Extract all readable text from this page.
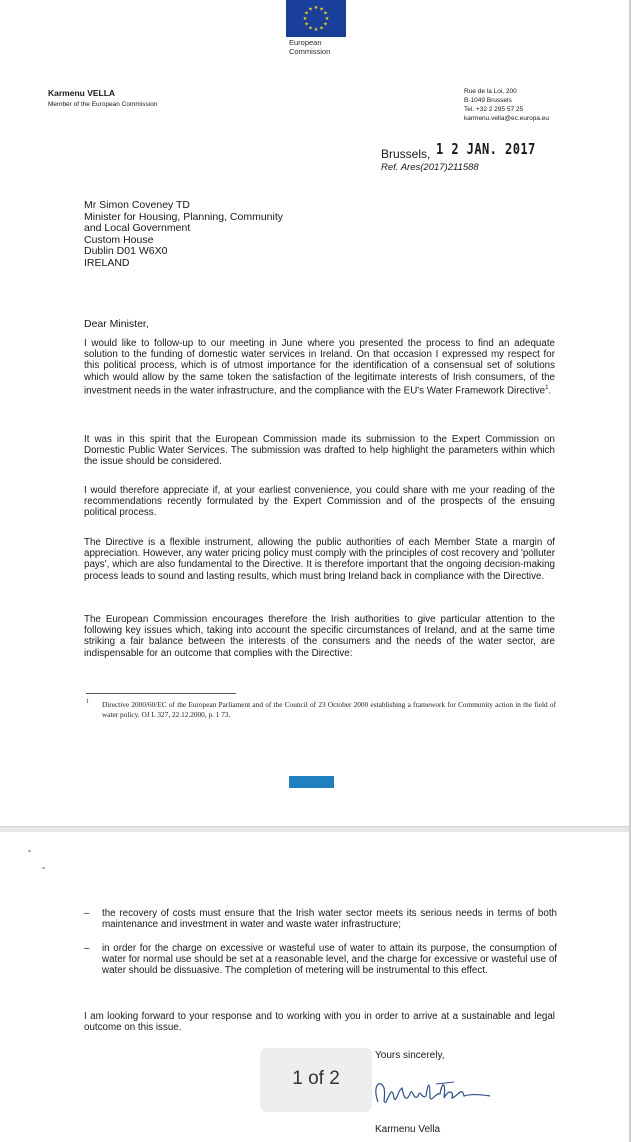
★ ★
★
★
★
★
★
★
★
★
★
★
European
Commission
Karmenu VELLA
Member of the European Commission
Rue de la Loi, 200
B-1049 Brussels
Tel. +32 2 295 57 25
karmenu.vella@ec.europa.eu
Brussels, 1 2 JAN. 2017
Ref. Ares(2017)211588
Mr Simon Coveney TD
Minister for Housing, Planning, Community
and Local Government
Custom House
Dublin D01 W6X0
IRELAND
Dear Minister,
I would like to follow-up to our meeting in June where you presented the process to find an adequate solution to the funding of domestic water services in Ireland. On that occasion I expressed my respect for this political process, which is of utmost importance for the identification of a consensual set of solutions which would allow by the same token the satisfaction of the legitimate interests of Irish consumers, of the investment needs in the water infrastructure, and the compliance with the EU's Water Framework Directive$^1$.
It was in this spirit that the European Commission made its submission to the Expert Commission on Domestic Public Water Services. The submission was drafted to help highlight the parameters within which the issue should be considered.
I would therefore appreciate if, at your earliest convenience, you could share with me your reading of the recommendations recently formulated by the Expert Commission and of the prospects of the ensuing political process.
The Directive is a flexible instrument, allowing the public authorities of each Member State a margin of appreciation. However, any water pricing policy must comply with the principles of cost recovery and 'polluter pays', which are also fundamental to the Directive. It is therefore important that the ongoing decision-making process leads to sound and lasting results, which must bring Ireland back in compliance with the Directive.
The European Commission encourages therefore the Irish authorities to give particular attention to the following key issues which, taking into account the specific circumstances of Ireland, and at the same time striking a fair balance between the interests of the consumers and the needs of the water sector, are indispensable for an outcome that complies with the Directive:
1 Directive 2000/60/EC of the European Parliament and of the Council of 23 October 2000 establishing a framework for Community action in the field of water policy. OJ L 327, 22.12.2000, p. 1 73.
– the recovery of costs must ensure that the Irish water sector meets its serious needs in terms of both maintenance and investment in water and waste water infrastructure;
– in order for the charge on excessive or wasteful use of water to attain its purpose, the consumption of water for normal use should be set at a reasonable level, and the charge for excessive or wasteful use of water should be dissuasive. The completion of metering will be instrumental to this effect.
I am looking forward to your response and to working with you in order to arrive at a sustainable and legal outcome on this issue.
Yours sincerely,
1 of 2
Karmenu Vella
